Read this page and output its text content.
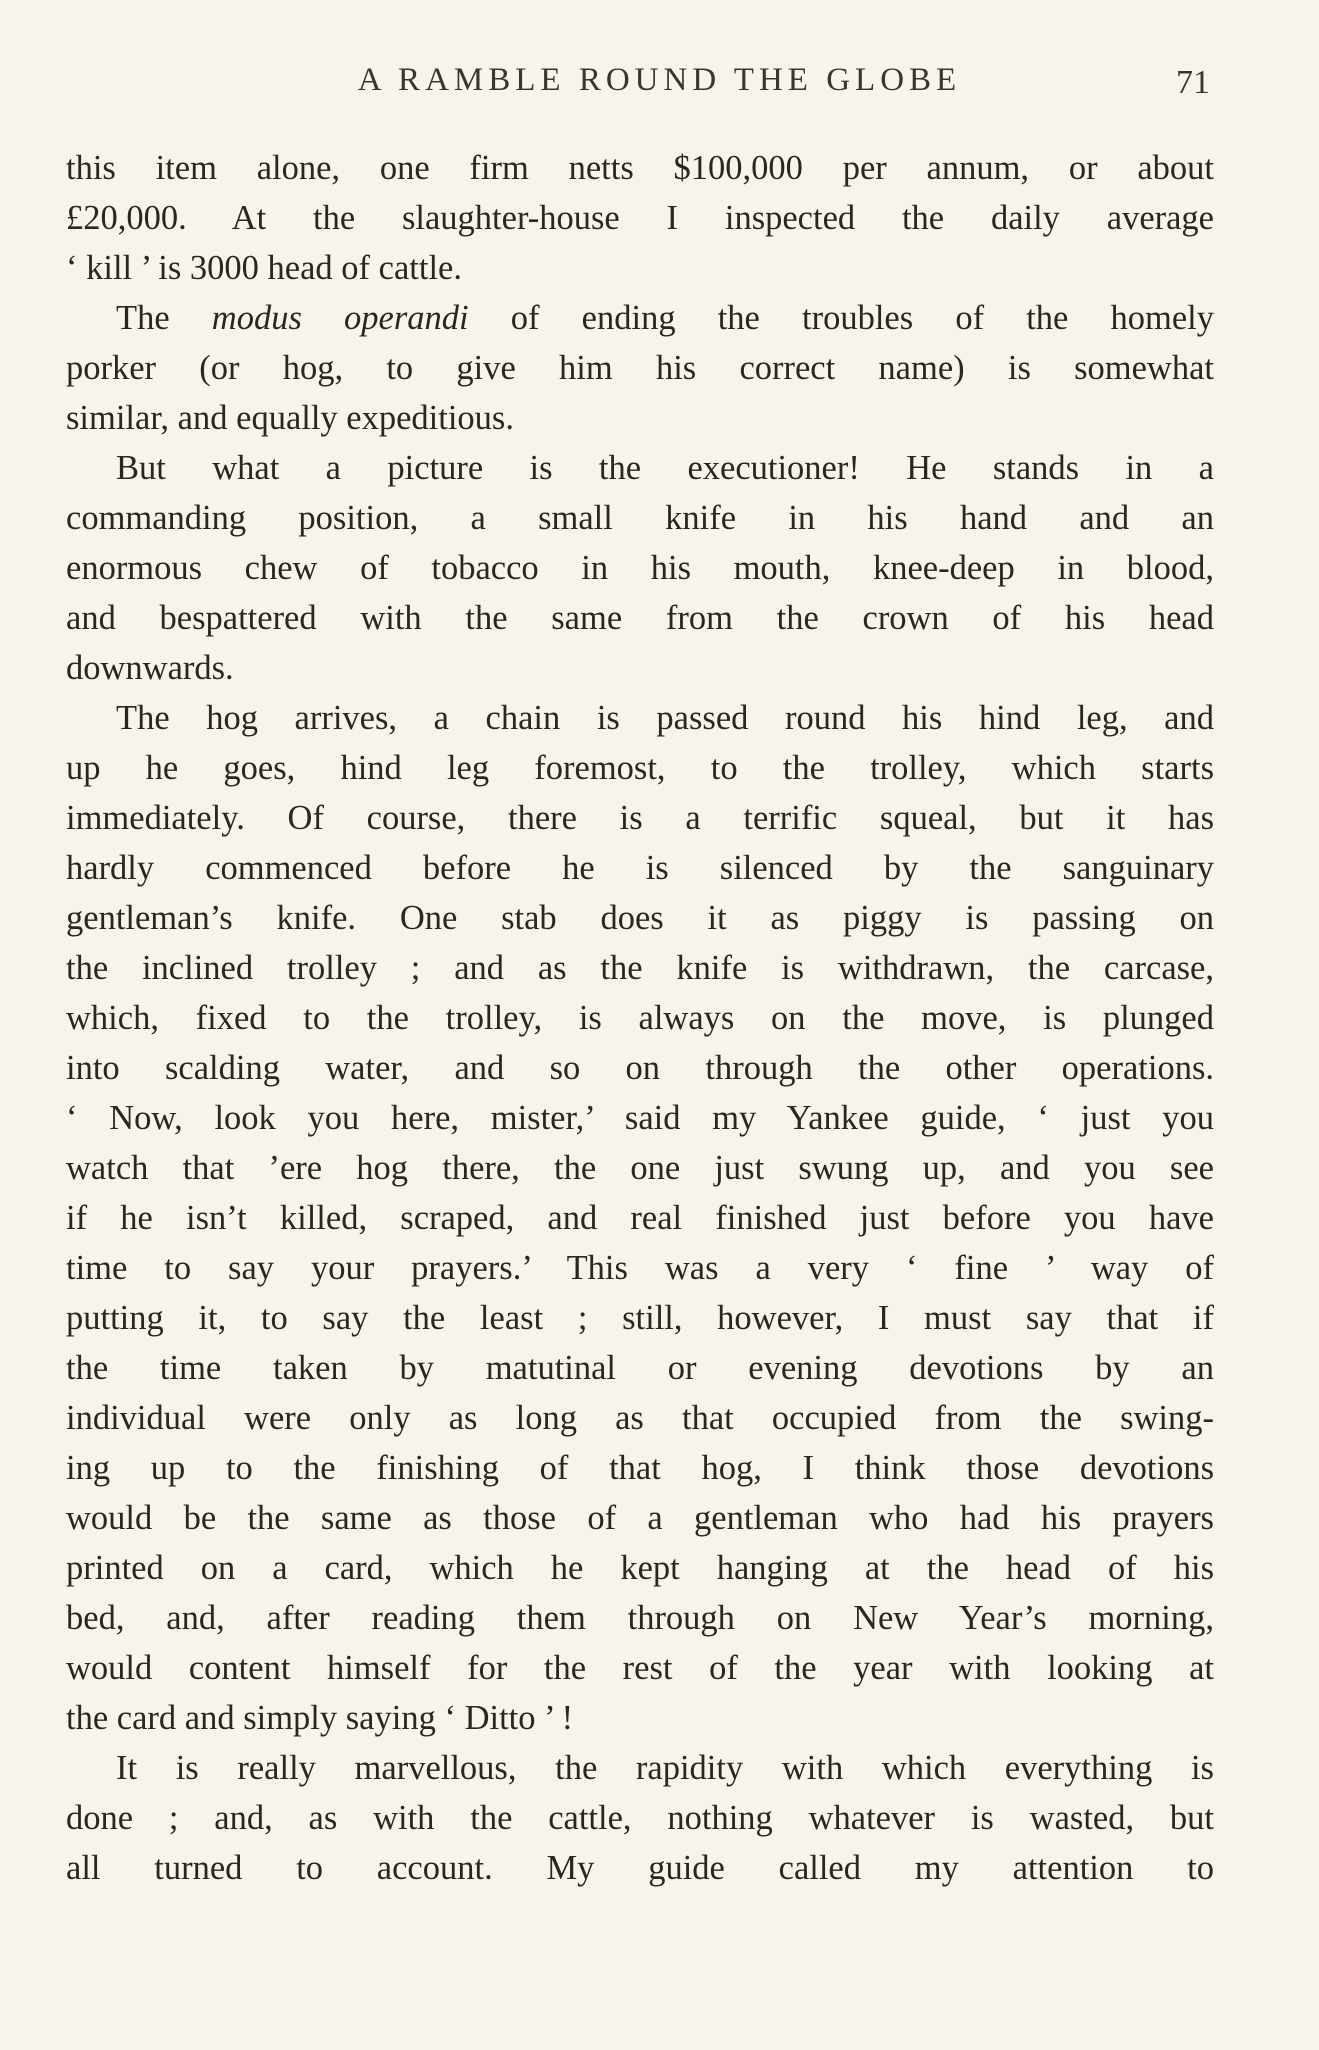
A RAMBLE ROUND THE GLOBE	71
this item alone, one firm netts $100,000 per annum, or about
£20,000. At the slaughter-house I inspected the daily average
‘ kill ’ is 3000 head of cattle.
The modus operandi of ending the troubles of the homely
porker (or hog, to give him his correct name) is somewhat
similar, and equally expeditious.
But what a picture is the executioner! He stands in a
commanding position, a small knife in his hand and an
enormous chew of tobacco in his mouth, knee-deep in blood,
and bespattered with the same from the crown of his head
downwards.
The hog arrives, a chain is passed round his hind leg, and
up he goes, hind leg foremost, to the trolley, which starts
immediately. Of course, there is a terrific squeal, but it has
hardly commenced before he is silenced by the sanguinary
gentleman’s knife. One stab does it as piggy is passing on
the inclined trolley ; and as the knife is withdrawn, the carcase,
which, fixed to the trolley, is always on the move, is plunged
into scalding water, and so on through the other operations.
‘ Now, look you here, mister,’ said my Yankee guide, ‘ just you
watch that ’ere hog there, the one just swung up, and you see
if he isn’t killed, scraped, and real finished just before you have
time to say your prayers.’ This was a very ‘ fine ’ way of
putting it, to say the least ; still, however, I must say that if
the time taken by matutinal or evening devotions by an
individual were only as long as that occupied from the swing-
ing up to the finishing of that hog, I think those devotions
would be the same as those of a gentleman who had his prayers
printed on a card, which he kept hanging at the head of his
bed, and, after reading them through on New Year’s morning,
would content himself for the rest of the year with looking at
the card and simply saying ‘ Ditto ’ !
It is really marvellous, the rapidity with which everything is
done ; and, as with the cattle, nothing whatever is wasted, but
all turned to account. My guide called my attention to
